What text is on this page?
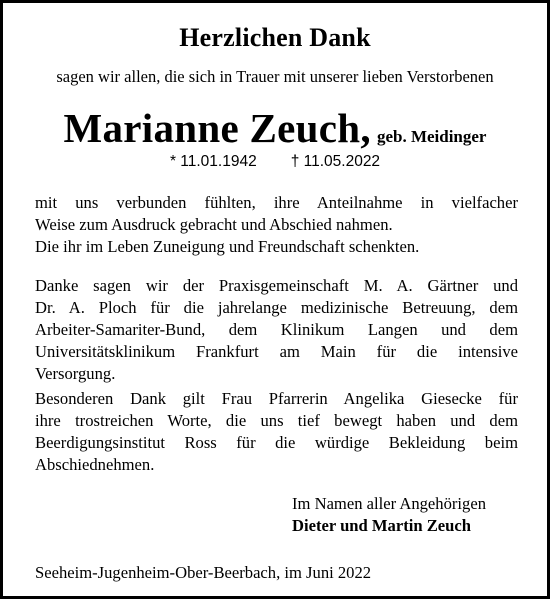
Herzlichen Dank
sagen wir allen, die sich in Trauer mit unserer lieben Verstorbenen
Marianne Zeuch, geb. Meidinger
* 11.01.1942 † 11.05.2022
mit uns verbunden fühlten, ihre Anteilnahme in vielfacher
Weise zum Ausdruck gebracht und Abschied nahmen.
Die ihr im Leben Zuneigung und Freundschaft schenkten.
Danke sagen wir der Praxisgemeinschaft M. A. Gärtner und
Dr. A. Ploch für die jahrelange medizinische Betreuung, dem
Arbeiter-Samariter-Bund, dem Klinikum Langen und dem
Universitätsklinikum Frankfurt am Main für die intensive
Versorgung.
Besonderen Dank gilt Frau Pfarrerin Angelika Giesecke für
ihre trostreichen Worte, die uns tief bewegt haben und dem
Beerdigungsinstitut Ross für die würdige Bekleidung beim
Abschiednehmen.
Im Namen aller Angehörigen
Dieter und Martin Zeuch
Seeheim-Jugenheim-Ober-Beerbach, im Juni 2022
